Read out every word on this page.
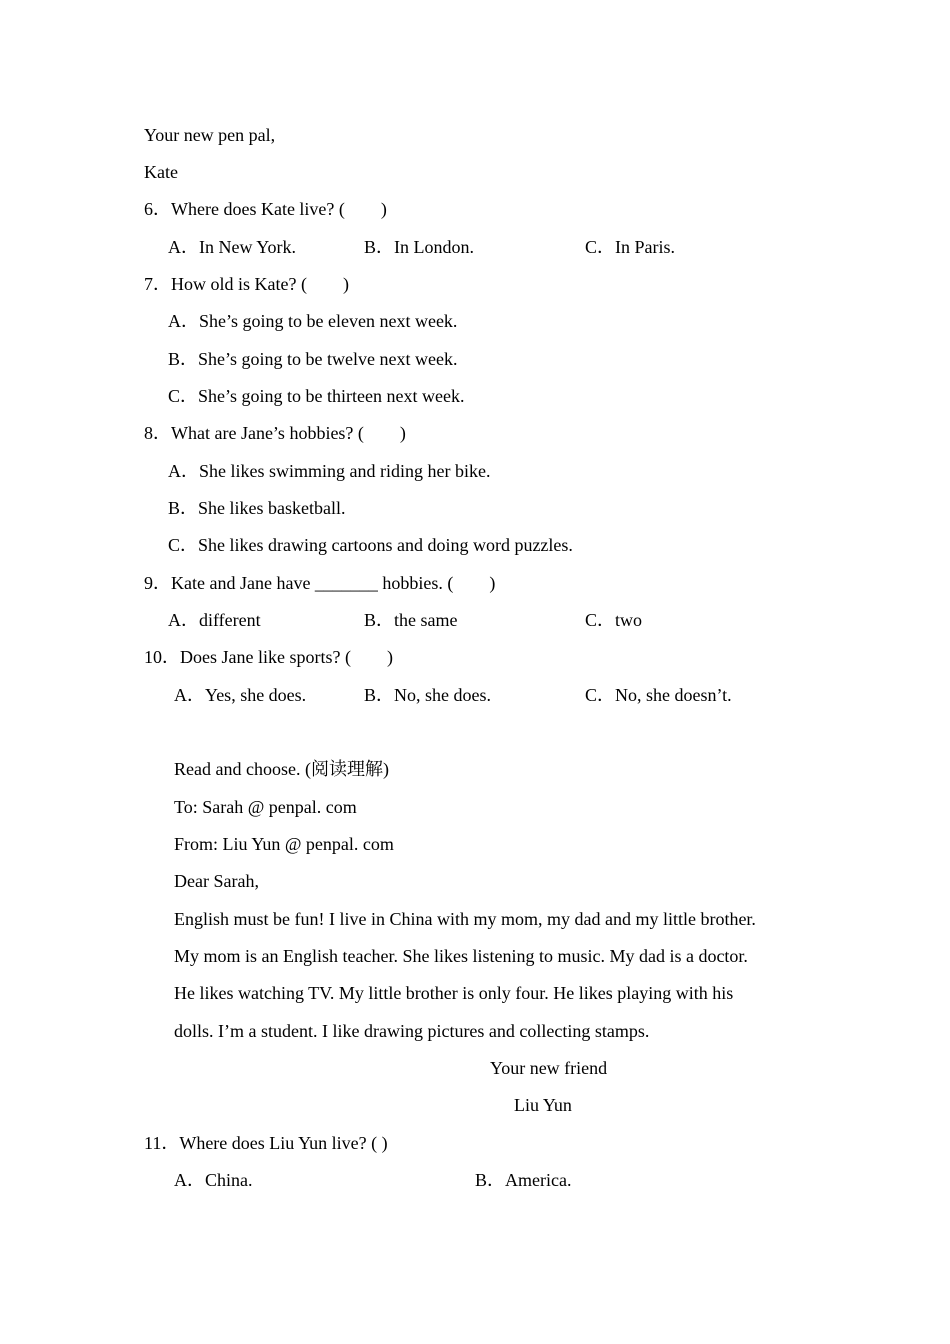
Your new pen pal,
Kate
6．Where does Kate live? (　　)
A．In New York.	B．In London.	C．In Paris.
7．How old is Kate? (　　)
A．She’s going to be eleven next week.
B．She’s going to be twelve next week.
C．She’s going to be thirteen next week.
8．What are Jane’s hobbies? (　　)
A．She likes swimming and riding her bike.
B．She likes basketball.
C．She likes drawing cartoons and doing word puzzles.
9．Kate and Jane have _______ hobbies. (　　)
A．different	B．the same	C．two
10．Does Jane like sports? (　　)
A．Yes, she does.	B．No, she does.	C．No, she doesn’t.
Read and choose. (阅读理解)
To: Sarah @ penpal. com
From: Liu Yun @ penpal. com
Dear Sarah,
English must be fun! I live in China with my mom, my dad and my little brother.
My mom is an English teacher. She likes listening to music. My dad is a doctor.
He likes watching TV. My little brother is only four. He likes playing with his
dolls. I’m a student. I like drawing pictures and collecting stamps.
Your new friend
Liu Yun
11．Where does Liu Yun live? ( )
A．China.	B．America.
